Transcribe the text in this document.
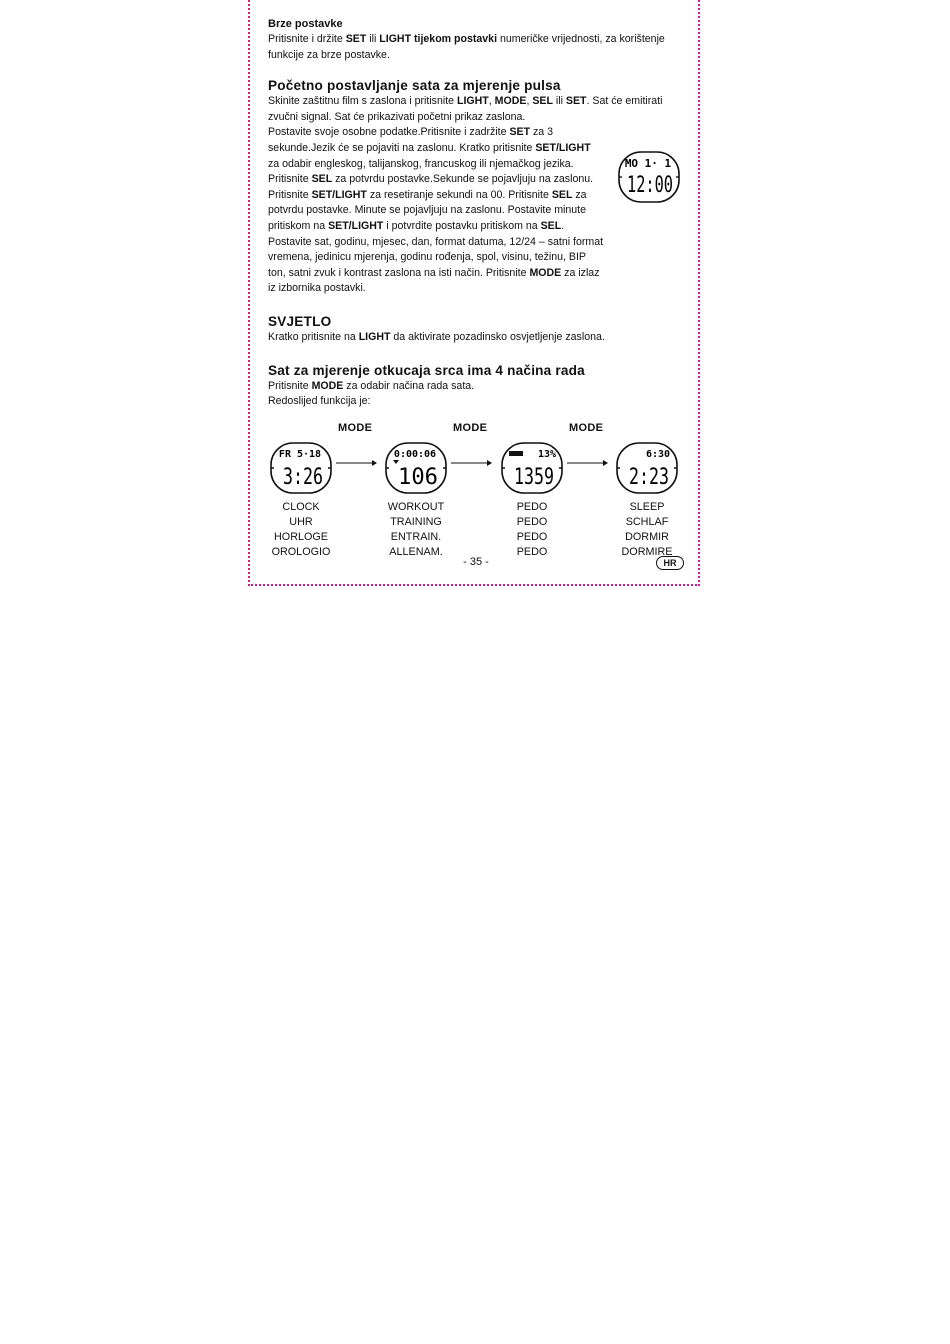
Brze postavke

Pritisnite i držite SET ili LIGHT tijekom postavki numeričke vrijednosti, za korištenje funkcije za brze postavke.

Početno postavljanje sata za mjerenje pulsa

Skinite zaštitnu film s zaslona i pritisnite LIGHT, MODE, SEL ili SET. Sat će emitirati zvučni signal. Sat će prikazivati početni prikaz zaslona.

MO 1· 1
12:00

Postavite svoje osobne podatke.Pritisnite i zadržite SET za 3 sekunde.Jezik će se pojaviti na zaslonu. Kratko pritisnite SET/LIGHT za odabir engleskog, talijanskog, francuskog ili njemačkog jezika. Pritisnite SEL za potvrdu postavke.Sekunde se pojavljuju na zaslonu. Pritisnite SET/LIGHT za resetiranje sekundi na 00. Pritisnite SEL za potvrdu postavke. Minute se pojavljuju na zaslonu. Postavite minute pritiskom na SET/LIGHT i potvrdite postavku pritiskom na SEL. Postavite sat, godinu, mjesec, dan, format datuma, 12/24 – satni format vremena, jedinicu mjerenja, godinu rođenja, spol, visinu, težinu, BIP ton, satni zvuk i kontrast zaslona na isti način. Pritisnite MODE za izlaz iz izbornika postavki.

SVJETLO

Kratko pritisnite na LIGHT da aktivirate pozadinsko osvjetljenje zaslona.

Sat za mjerenje otkucaja srca ima 4 načina rada

Pritisnite MODE za odabir načina rada sata.

Redoslijed funkcija je:

FR 5·18
3:26
CLOCK
UHR
HORLOGE
OROLOGIO
MODE
0:00:06
106
WORKOUT
TRAINING
ENTRAIN.
ALLENAM.
MODE
13%
1359
PEDO
PEDO
PEDO
PEDO
MODE
6:30
2:23
SLEEP
SCHLAF
DORMIR
DORMIRE
- 35 -	HR
